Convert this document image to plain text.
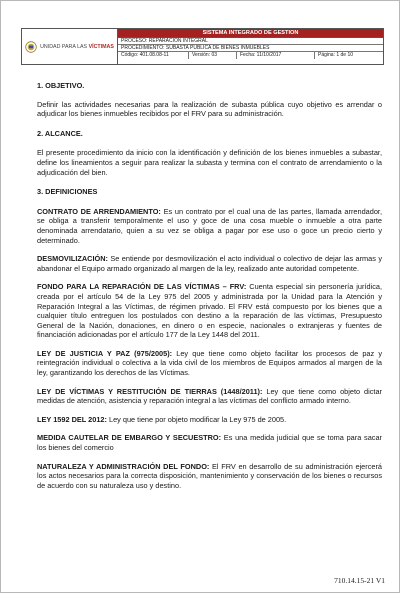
UNIDAD PARA LAS VÍCTIMAS
SISTEMA INTEGRADO DE GESTION
PROCESO: REPARACIÓN INTEGRAL
PROCEDIMIENTO: SUBASTA PÚBLICA DE BIENES INMUEBLES
Código: 401.08.08-11	Versión: 03	Fecha: 11/10/2017	Página: 1 de 10

1. OBJETIVO.

Definir las actividades necesarias para la realización de subasta pública cuyo objetivo es arrendar o adjudicar los bienes inmuebles recibidos por el FRV para su administración.

2. ALCANCE.

El presente procedimiento da inicio con la identificación y definición de los bienes inmuebles a subastar, define los lineamientos a seguir para realizar la subasta y termina con el contrato de arrendamiento o la adjudicación del bien.

3. DEFINICIONES

CONTRATO DE ARRENDAMIENTO: Es un contrato por el cual una de las partes, llamada arrendador, se obliga a transferir temporalmente el uso y goce de una cosa mueble o inmueble a otra parte denominada arrendatario, quien a su vez se obliga a pagar por ese uso o goce un precio cierto y determinado.

DESMOVILIZACIÓN: Se entiende por desmovilización el acto individual o colectivo de dejar las armas y abandonar el Equipo armado organizado al margen de la ley, realizado ante autoridad competente.

FONDO PARA LA REPARACIÓN DE LAS VÍCTIMAS – FRV: Cuenta especial sin personería jurídica, creada por el artículo 54 de la Ley 975 del 2005 y administrada por la Unidad para la Atención y Reparación Integral a las Víctimas, de régimen privado. El FRV está compuesto por los bienes que a cualquier título entreguen los postulados con destino a la reparación de las víctimas, Presupuesto General de la Nación, donaciones, en dinero o en especie, nacionales o extranjeras y fuentes de financiación adicionadas por el artículo 177 de la Ley 1448 del 2011.

LEY DE JUSTICIA Y PAZ (975/2005): Ley que tiene como objeto facilitar los procesos de paz y reintegración individual o colectiva a la vida civil de los miembros de Equipos armados al margen de la ley, garantizando los derechos de las Víctimas.

LEY DE VÍCTIMAS Y RESTITUCIÓN DE TIERRAS (1448/2011): Ley que tiene como objeto dictar medidas de atención, asistencia y reparación integral a las víctimas del conflicto armado interno.

LEY 1592 DEL 2012: Ley que tiene por objeto modificar la Ley 975 de 2005.

MEDIDA CAUTELAR DE EMBARGO Y SECUESTRO: Es una medida judicial que se toma para sacar los bienes del comercio

NATURALEZA Y ADMINISTRACIÓN DEL FONDO: El FRV en desarrollo de su administración ejercerá los actos necesarios para la correcta disposición, mantenimiento y conservación de los bienes o recursos de acuerdo con su naturaleza uso y destino.

710.14.15-21 V1
